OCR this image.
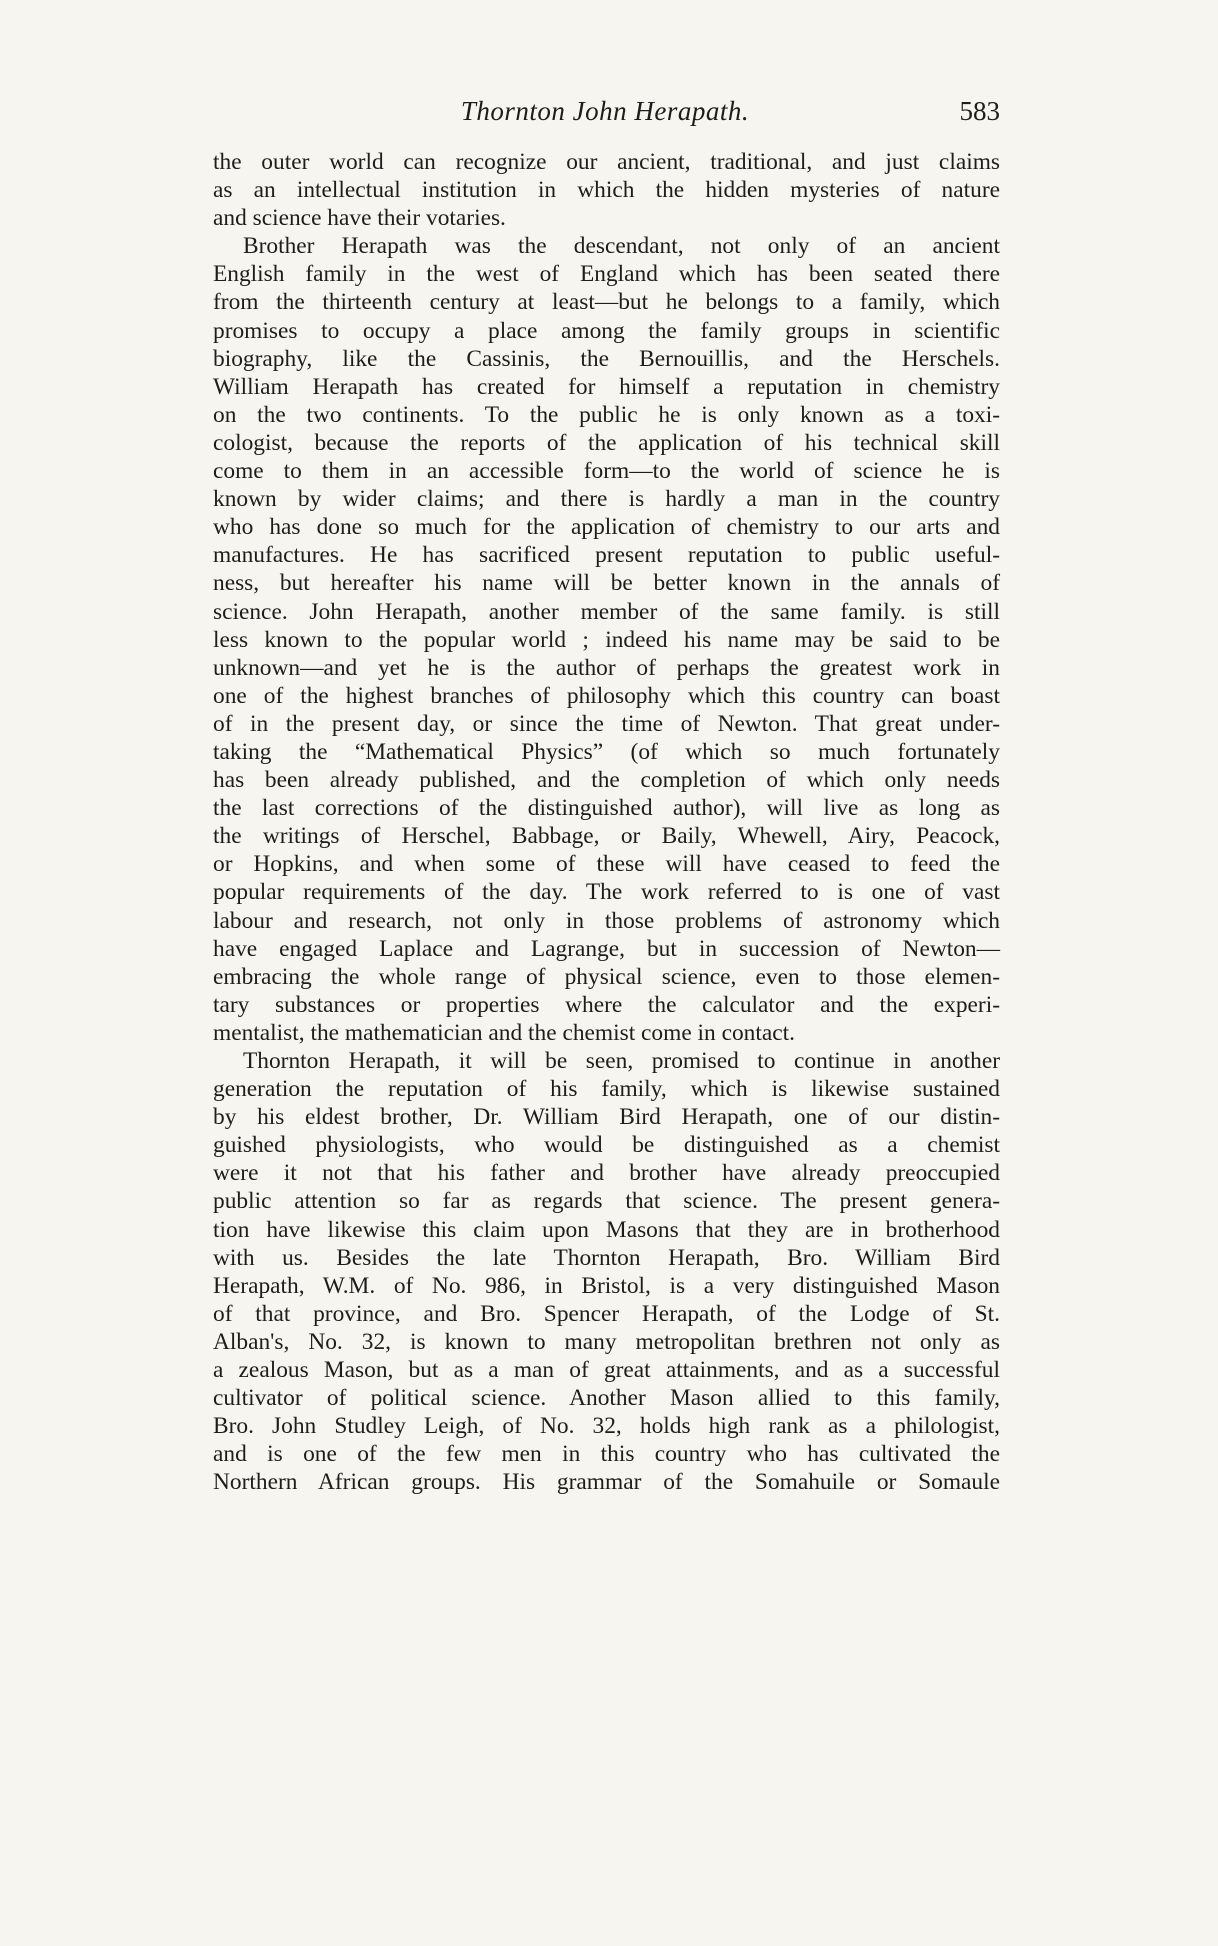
Thornton John Herapath.	583
the outer world can recognize our ancient, traditional, and just claims
as an intellectual institution in which the hidden mysteries of nature
and science have their votaries.
Brother Herapath was the descendant, not only of an ancient
English family in the west of England which has been seated there
from the thirteenth century at least—but he belongs to a family, which
promises to occupy a place among the family groups in scientific
biography, like the Cassinis, the Bernouillis, and the Herschels.
William Herapath has created for himself a reputation in chemistry
on the two continents. To the public he is only known as a toxi-
cologist, because the reports of the application of his technical skill
come to them in an accessible form—to the world of science he is
known by wider claims; and there is hardly a man in the country
who has done so much for the application of chemistry to our arts and
manufactures. He has sacrificed present reputation to public useful-
ness, but hereafter his name will be better known in the annals of
science. John Herapath, another member of the same family. is still
less known to the popular world ; indeed his name may be said to be
unknown—and yet he is the author of perhaps the greatest work in
one of the highest branches of philosophy which this country can boast
of in the present day, or since the time of Newton. That great under-
taking the “Mathematical Physics” (of which so much fortunately
has been already published, and the completion of which only needs
the last corrections of the distinguished author), will live as long as
the writings of Herschel, Babbage, or Baily, Whewell, Airy, Peacock,
or Hopkins, and when some of these will have ceased to feed the
popular requirements of the day. The work referred to is one of vast
labour and research, not only in those problems of astronomy which
have engaged Laplace and Lagrange, but in succession of Newton—
embracing the whole range of physical science, even to those elemen-
tary substances or properties where the calculator and the experi-
mentalist, the mathematician and the chemist come in contact.
Thornton Herapath, it will be seen, promised to continue in another
generation the reputation of his family, which is likewise sustained
by his eldest brother, Dr. William Bird Herapath, one of our distin-
guished physiologists, who would be distinguished as a chemist
were it not that his father and brother have already preoccupied
public attention so far as regards that science. The present genera-
tion have likewise this claim upon Masons that they are in brotherhood
with us. Besides the late Thornton Herapath, Bro. William Bird
Herapath, W.M. of No. 986, in Bristol, is a very distinguished Mason
of that province, and Bro. Spencer Herapath, of the Lodge of St.
Alban's, No. 32, is known to many metropolitan brethren not only as
a zealous Mason, but as a man of great attainments, and as a successful
cultivator of political science. Another Mason allied to this family,
Bro. John Studley Leigh, of No. 32, holds high rank as a philologist,
and is one of the few men in this country who has cultivated the
Northern African groups. His grammar of the Somahuile or Somaule
